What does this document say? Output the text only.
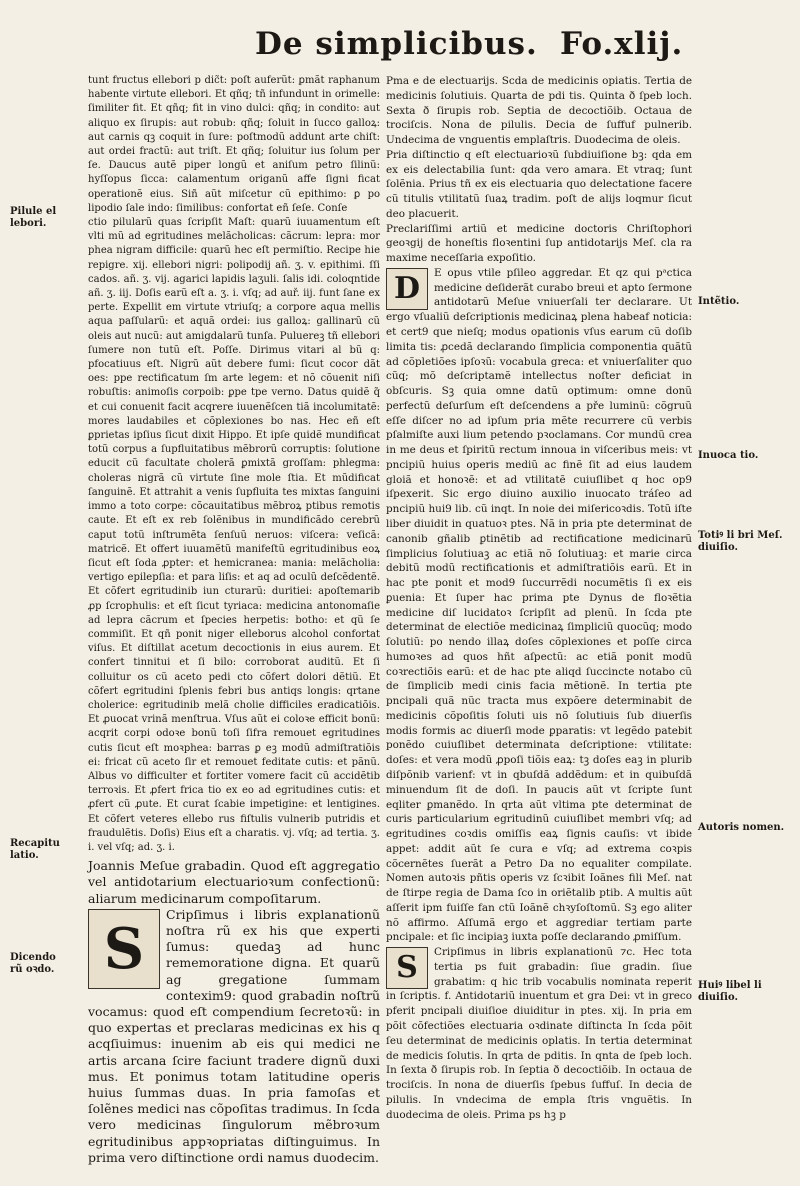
De simplicibus. Fo.xlij.

tunt fructus ellebori p dic̃t: poſt auferũt: ꝑmãt raphanum habente virtute ellebori. Et qñq; tñ infundunt in orimelle: ſimiliter fit. Et qñq; fit in vino dulci: qñq; in condito: aut aliquo ex ſirupis: aut robub: qñq; ſoluit in ſucco galloꝝ: aut carnis qꝫ coquit in ſure: poſtmodũ addunt arte chiſt: aut ordei fractũ: aut triſt. Et qñq; ſoluitur ius ſolum per ſe. Daucus autẽ piper longũ et aniſum petro ſilinũ: hyſſopus ſicca: calamentum origanũ affe ſigni ficat operationẽ eius. Siñ aũt miſcetur cũ epithimo: ꝑ po lipodio ſale indo: ſimilibus: confortat eñ ſeſe. Conſe

ctio pilularũ quas ſcripſit Maſt: quarũ iuuamentum eſt vlti mũ ad egritudines melãcholicas: cãcrum: lepra: mor phea nigram difficile: quarũ hec eſt permiſtio. Recipe hie repigre. xij. ellebori nigri: polipodij añ. ʒ. v. epithimi. ſſi cados. añ. ʒ. vij. agarici lapidis laʒuli. ſalis idi. coloqntide añ. ʒ. iij. Doſis earũ eſt a. ʒ. i. vſq; ad auř. iij. funt ſane ex perte. Expellit em virtute vtriuſq; a corpore aqua mellis aqua paſſularũ: et aquã ordei: ius galloꝝ: gallinarũ cũ oleis aut nucũ: aut amigdalarũ tunſa. Puluereꝫ tñ ellebori ſumere non tutũ eſt. Poſſe. Dirimus vitari al bũ q: pfocatiuus eſt. Nigrũ aũt debere fumi: ſicut cocor dãt oes: ppe rectificatum ſm arte legem: et nõ cõuenit niſi robuſtis: animoſis corpoib: ꝑpe tpe verno. Datus quidẽ q̃ et cui conuenit facit acqrere iuuenẽſcen tiã incolumitatẽ: mores laudabiles et cõplexiones bo nas. Hec eñ eſt ꝑprietas ipſius ſicut dixit Hippo. Et ipſe quidẽ mundificat totũ corpus a ſupfluitatibus mẽbrorũ corruptis: ſolutione educit cũ facultate cholerã ꝑmixtã groſſam: phlegma: choleras nigrã cũ virtute ſine mole ſtia. Et mũdificat ſanguinẽ. Et attrahit a venis ſupfluita tes mixtas ſanguini immo a toto corpe: cõcauitatibus mẽbroꝝ ptibus remotis caute. Et eſt ex reb ſolẽnibus in mundificãdo cerebrũ caput totũ inſtrumẽta ſenſuũ neruos: viſcera: veſicã: matricẽ. Et offert iuuamẽtũ manifeſtũ egritudinibus eoꝝ ſicut eſt ſoda ꝓpter: et hemicranea: mania: melãcholia: vertigo epilepſia: et para liſis: et aq ad oculũ deſcẽdentẽ. Et cõfert egritudinib iun cturarũ: duritiei: apoſtemarib ꝓp ſcrophulis: et eſt ſicut tyriaca: medicina antonomaſie ad lepra cãcrum et ſpecies herpetis: botho: et qũ ſe commiſit. Et qñ ponit niger elleborus alcohol confortat viſus. Et diſtillat acetum decoctionis in eius aurem. Et confert tinnitui et ſi bilo: corroborat auditũ. Et ſi colluitur os cũ aceto pedi cto cõfert dolori dẽtiũ. Et cõfert egritudini ſplenis febri bus antiqs longis: qrtane cholerice: egritudinib melã cholie difficiles eradicatiõis. Et ꝓuocat vrinã menſtrua. Vſus aũt ei coloꝛe efficit bonũ: acqrit corpi odoꝛe bonũ toſi ſifra remouet egritudines cutis ſicut eſt moꝛphea: barras ꝑ eꝫ modũ admiſtratiõis ei: fricat cũ aceto ſir et remouet feditate cutis: et pãnũ. Albus vo difficulter et fortiter vomere facit cũ accidẽtib terroꝛis. Et ꝓfert frica tio ex eo ad egritudines cutis: et ꝓfert cũ ꝓute. Et curat ſcabie impetigine: et lentigines. Et cõfert veteres ellebo rus fiſtulis vulnerib putridis et fraudulẽtis. Doſis) Eius eſt a charatis. vj. vſq; ad tertia. ʒ. i. vel vſq; ad. ʒ. i.

Joannis Meſue grabadin. Quod eſt aggregatio vel antidotarium electuarioꝛum confectionũ: aliarum medicinarum compoſitarum.

S
Cripſimus i libris explanationũ noſtra rũ ex his que experti ſumus: quedaꝫ ad hunc rememoratione digna. Et quarũ ag gregatione ſummam contexim9: quod grabadin noſtrũ vocamus: quod eſt compendium ſecretoꝛũ: in quo expertas et preclaras medicinas ex his q acqſiuimus: inuenim ab eis qui medici ne artis arcana ſcire faciunt tradere dignũ duxi mus. Et ponimus totam latitudine operis huius ſummas duas. In pria famoſas et ſolẽnes medici nas cõpoſitas tradimus. In ſcda vero medicinas ſingulorum mẽbroꝛum egritudinibus appꝛopriatas diſtinguimus. In prima vero diſtinctione ordi namus duodecim.

Pma e de electuarijs. Scda de medicinis opiatis. Tertia de medicinis ſolutiuis. Quarta de pdi tis. Quinta ð ſpeb loch. Sexta ð ſirupis rob. Septia de decoctiõib. Octaua de trociſcis. Nona de pilulis. Decia de ſuffuf pulnerib. Undecima de vnguentis emplaſtris. Duodecima de oleis.

Pria diſtinctio q eſt electuarioꝛũ ſubdiuiſione bꝫ: qda em ex eis delectabilia ſunt: qda vero amara. Et vtraq; ſunt ſolẽnia. Prius tñ ex eis electuaria quo delectatione facere cũ titulis vtilitatũ ſuaꝝ tradim. poſt de alijs loqmur ſicut deo placuerit.

Preclariſſimi artiũ et medicine doctoris Chriſtophori geoꝛgij de honeſtis floꝛentini ſup antidotarijs Meſ. cla ra maxime neceſſaria expoſitio.

D	E opus vtile pſileo aggredar. Et qz qui pᵃctica medicine deſiderãt curabo breui et apto ſermone antidotarũ Meſue vniuerſali ter declarare. Ut ergo vſualiũ deſcriptionis medicinaꝝ plena habeaf noticia: et cert9 que nieſq; modus opationis vſus earum cũ doſib limita tis: ꝓcedã declarando ſimplicia componentia quãtũ ad cõpletiões ipſoꝛũ: vocabula greca: et vniuerſaliter quo cũq; mõ deſcriptamẽ intellectus noſter deficiat in obſcuris. Sꝫ quia omne datũ optimum: omne donũ perfectũ deſurſum eſt deſcendens a pře luminũ: cõgruũ eſſe diſcer no ad ipſum pria mẽte recurrere cũ verbis pſalmiſte auxi lium petendo pꝛoclamans. Cor mundũ crea in me deus et ſpiritũ rectum innoua in viſceribus meis: vt pncipiũ huius operis mediũ ac finẽ ſit ad eius laudem gloiã et honoꝛẽ: et ad vtilitatẽ cuiuſlibet q hoc op9 iſpexerit. Sic ergo diuino auxilio inuocato tráſeo ad pncipiũ hui9 lib. cũ inqt. In noie dei miſericoꝛdis. Totũ iſte liber diuidit in quatuoꝛ ptes. Nã in pria pte determinat de canonib gñalib ꝑtinẽtib ad rectificatione medicinarũ ſimplicius ſolutiuaꝫ ac etiã nõ ſolutiuaꝫ: et marie circa debitũ modũ rectificationis et admiſtratiõis earũ. Et in hac pte ponit et mod9 ſuccurrẽdi nocumẽtis ſi ex eis ꝑuenia: Et ſuper hac prima pte Dynus de floꝛẽtia medicine diſ lucidatoꝛ ſcripſit ad plenũ. In ſcda pte determinat de electiõe medicinaꝝ ſimpliciũ quocũq; modo ſolutiũ: po nendo illaꝝ doſes cõplexiones et poſſe circa humoꝛes ad quos hñt aſpectũ: ac etiã ponit modũ coꝛrectiõis earũ: et de hac pte aliqd ſuccincte notabo cũ de ſimplicib medi cinis facia mẽtionẽ. In tertia pte pncipali quã nũc tracta mus expõere determinabit de medicinis cõpoſitis ſoluti uis nõ ſolutiuis ſub diuerſis modis formis ac diuerſi mode ꝑparatis: vt legẽdo patebit ponẽdo cuiuſlibet determinata deſcriptione: vtilitate: doſes: et vera modũ ꝓpoſi tiõis eaꝝ: tꝫ doſes eaꝫ in plurib diſpõnib varienf: vt in qbuſdã addẽdum: et in quibuſdã minuendum ſit de doſi. In paucis aũt vt ſcripte ſunt eqliter ꝑmanẽdo. In qrta aũt vltima pte determinat de curis particularium egritudinũ cuiuſlibet membri vſq; ad egritudines coꝛdis omiſſis eaꝝ ſignis cauſis: vt ibide appet: addit aũt ſe cura e vſq; ad extrema coꝛpis cõcernẽtes ſuerãt a Petro Da no equaliter compilate. Nomen autoꝛis pñtis operis vz ſcꝛibit Ioãnes fili Meſ. nat de ſtirpe regia de Dama ſco in oriẽtalib ptib. A multis aũt aſſerit ipm fuiſſe fan ctũ Ioãnẽ chꝛyſoſtomũ. Sꝫ ego aliter nõ affirmo. Aſſumã ergo et aggrediar tertiam parte pncipale: et ſic incipiaꝫ iuxta poſſe declarando ꝓmiſſum.

S	Cripſimus in libris explanationũ ⁊c. Hec tota tertia ps fuit grabadin: ſiue gradin. ſiue grabatim: q hic trib vocabulis nominata reperit in ſcriptis. f. Antidotariũ inuentum et gra Dei: vt in greco pferit pncipali diuiſioe diuiditur in ptes. xij. In pria em põit cõfectiões electuaria oꝛdinate diſtincta In ſcda põit ſeu determinat de medicinis oplatis. In tertia determinat de medicis ſolutis. In qrta de pditis. In qnta de ſpeb loch. In ſexta ð ſirupis rob. In ſeptia ð decoctiõib. In octaua de trociſcis. In nona de diuerſis ſpebus ſuffuſ. In decia de pilulis. In vndecima de empla ſtris vnguẽtis. In duodecima de oleis. Prima ps hꝫ p

Pilule el lebori.
Recapitu latio.
Dicendo rũ oꝛdo.
Intẽtio.
Inuoca tio.
Totiꝰ li bri Meſ. diuiſio.
Autoris nomen.
Huiꝰ libel li diuiſio.
